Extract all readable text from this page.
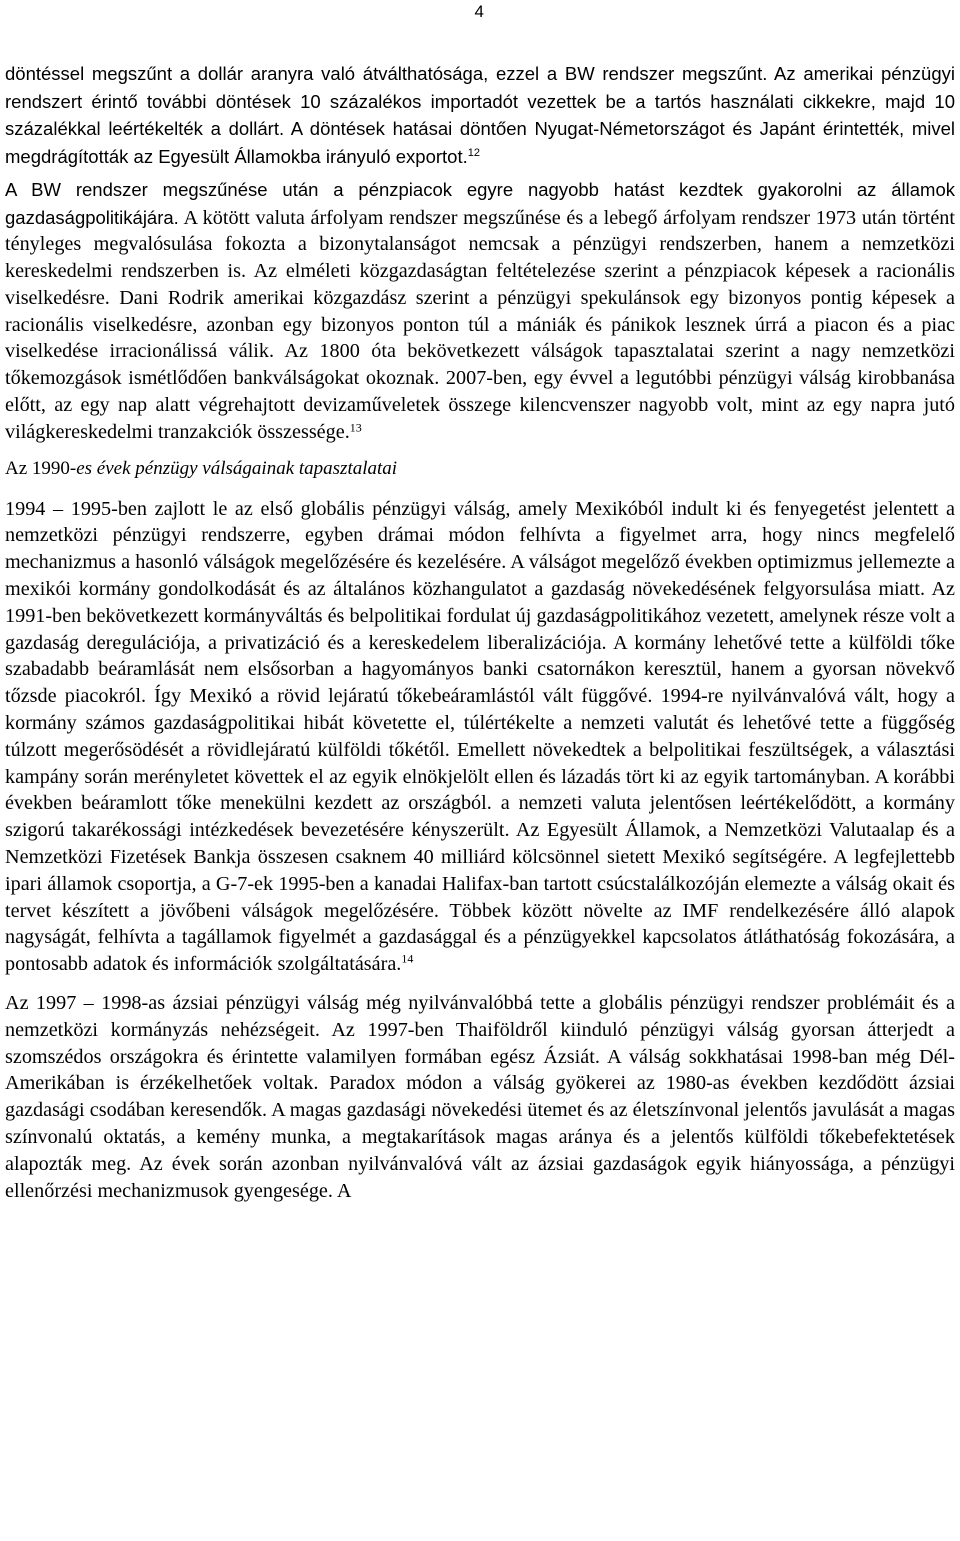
4

döntéssel megszűnt a dollár aranyra való átválthatósága, ezzel a BW rendszer megszűnt. Az amerikai pénzügyi rendszert érintő további döntések 10 százalékos importadót vezettek be a tartós használati cikkekre, majd 10 százalékkal leértékelték a dollárt. A döntések hatásai döntően Nyugat-Németországot és Japánt érintették, mivel megdrágították az Egyesült Államokba irányuló exportot.$^{12}$

A BW rendszer megszűnése után a pénzpiacok egyre nagyobb hatást kezdtek gyakorolni az államok gazdaságpolitikájára. A kötött valuta árfolyam rendszer megszűnése és a lebegő árfolyam rendszer 1973 után történt tényleges megvalósulása fokozta a bizonytalanságot nemcsak a pénzügyi rendszerben, hanem a nemzetközi kereskedelmi rendszerben is. Az elméleti közgazdaságtan feltételezése szerint a pénzpiacok képesek a racionális viselkedésre. Dani Rodrik amerikai közgazdász szerint a pénzügyi spekulánsok egy bizonyos pontig képesek a racionális viselkedésre, azonban egy bizonyos ponton túl a mániák és pánikok lesznek úrrá a piacon és a piac viselkedése irracionálissá válik. Az 1800 óta bekövetkezett válságok tapasztalatai szerint a nagy nemzetközi tőkemozgások ismétlődően bankválságokat okoznak. 2007-ben, egy évvel a legutóbbi pénzügyi válság kirobbanása előtt, az egy nap alatt végrehajtott devizaműveletek összege kilencvenszer nagyobb volt, mint az egy napra jutó világkereskedelmi tranzakciók összessége.$^{13}$

Az 1990-es évek pénzügy válságainak tapasztalatai

1994 – 1995-ben zajlott le az első globális pénzügyi válság, amely Mexikóból indult ki és fenyegetést jelentett a nemzetközi pénzügyi rendszerre, egyben drámai módon felhívta a figyelmet arra, hogy nincs megfelelő mechanizmus a hasonló válságok megelőzésére és kezelésére. A válságot megelőző években optimizmus jellemezte a mexikói kormány gondolkodását és az általános közhangulatot a gazdaság növekedésének felgyorsulása miatt. Az 1991-ben bekövetkezett kormányváltás és belpolitikai fordulat új gazdaságpolitikához vezetett, amelynek része volt a gazdaság deregulációja, a privatizáció és a kereskedelem liberalizációja. A kormány lehetővé tette a külföldi tőke szabadabb beáramlását nem elsősorban a hagyományos banki csatornákon keresztül, hanem a gyorsan növekvő tőzsde piacokról. Így Mexikó a rövid lejáratú tőkebeáramlástól vált függővé. 1994-re nyilvánvalóvá vált, hogy a kormány számos gazdaságpolitikai hibát követette el, túlértékelte a nemzeti valutát és lehetővé tette a függőség túlzott megerősödését a rövidlejáratú külföldi tőkétől. Emellett növekedtek a belpolitikai feszültségek, a választási kampány során merényletet követtek el az egyik elnökjelölt ellen és lázadás tört ki az egyik tartományban. A korábbi években beáramlott tőke menekülni kezdett az országból. a nemzeti valuta jelentősen leértékelődött, a kormány szigorú takarékossági intézkedések bevezetésére kényszerült. Az Egyesült Államok, a Nemzetközi Valutaalap és a Nemzetközi Fizetések Bankja összesen csaknem 40 milliárd kölcsönnel sietett Mexikó segítségére. A legfejlettebb ipari államok csoportja, a G-7-ek 1995-ben a kanadai Halifax-ban tartott csúcstalálkozóján elemezte a válság okait és tervet készített a jövőbeni válságok megelőzésére. Többek között növelte az IMF rendelkezésére álló alapok nagyságát, felhívta a tagállamok figyelmét a gazdasággal és a pénzügyekkel kapcsolatos átláthatóság fokozására, a pontosabb adatok és információk szolgáltatására.$^{14}$

Az 1997 – 1998-as ázsiai pénzügyi válság még nyilvánvalóbbá tette a globális pénzügyi rendszer problémáit és a nemzetközi kormányzás nehézségeit. Az 1997-ben Thaiföldről kiinduló pénzügyi válság gyorsan átterjedt a szomszédos országokra és érintette valamilyen formában egész Ázsiát. A válság sokkhatásai 1998-ban még Dél-Amerikában is érzékelhetőek voltak. Paradox módon a válság gyökerei az 1980-as években kezdődött ázsiai gazdasági csodában keresendők. A magas gazdasági növekedési ütemet és az életszínvonal jelentős javulását a magas színvonalú oktatás, a kemény munka, a megtakarítások magas aránya és a jelentős külföldi tőkebefektetések alapozták meg. Az évek során azonban nyilvánvalóvá vált az ázsiai gazdaságok egyik hiányossága, a pénzügyi ellenőrzési mechanizmusok gyengesége. A
